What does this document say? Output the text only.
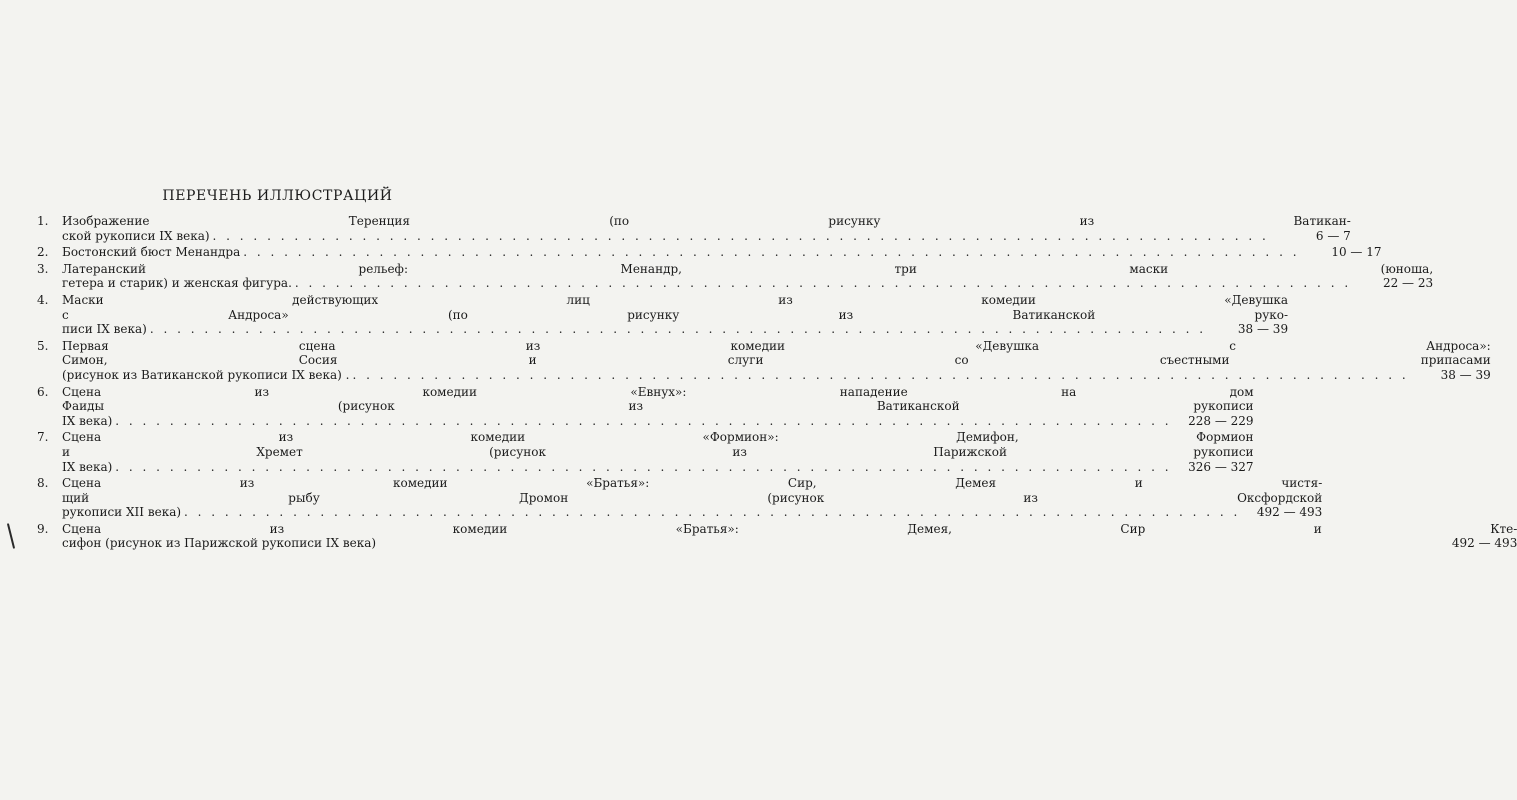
ПЕРЕЧЕНЬ ИЛЛЮСТРАЦИЙ
1.	Изображение Теренция (по рисунку из Ватикан-
ской рукописи IX века) . . .	6 — 7
2.	Бостонский бюст Менандра . . .	10 — 17
3.	Латеранский рельеф: Менандр, три маски (юноша,
гетера и старик) и женская фигура. . . .	22 — 23
4.	Маски действующих лиц из комедии «Девушка
с Андроса» (по рисунку из Ватиканской руко-
писи IX века) . . .	38 — 39
5.	Первая сцена из комедии «Девушка с Андроса»:
Симон, Сосия и слуги со съестными припасами
(рисунок из Ватиканской рукописи IX века) . . . .	38 — 39
6.	Сцена из комедии «Евнух»: нападение на дом
Фаиды (рисунок из Ватиканской рукописи
IX века) . . .	228 — 229
7.	Сцена из комедии «Формион»: Демифон, Формион
и Хремет (рисунок из Парижской рукописи
IX века) . . .	326 — 327
8.	Сцена из комедии «Братья»: Сир, Демея и чистя-
щий рыбу Дромон (рисунок из Оксфордской
рукописи XII века) . . .	492 — 493
9.	Сцена из комедии «Братья»: Демея, Сир и Ктe-
сифон (рисунок из Парижской рукописи IX века)	492 — 493
